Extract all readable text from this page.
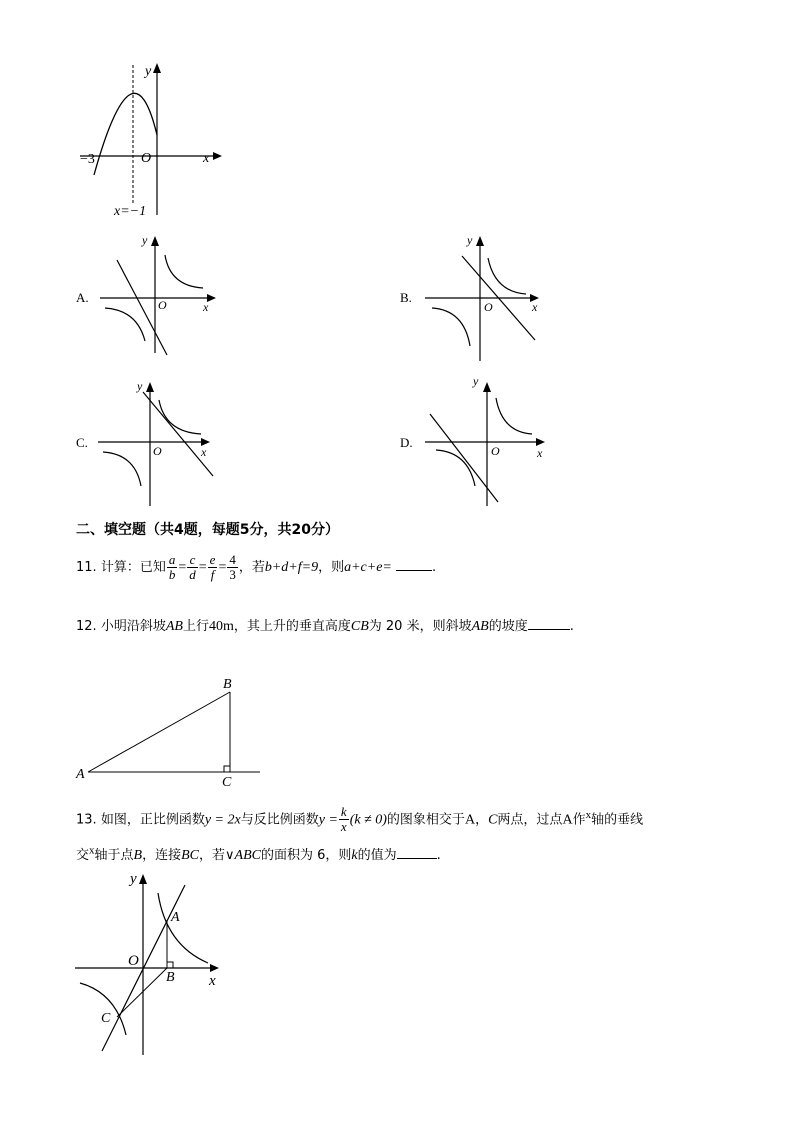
y
x
O
−3
x=−1
A.
y
x
O	B.
y
x
O
C.
y
x
O
D.
y
x
O
二、填空题（共4题，每题5分，共20分）
11. 计算：已知 $\frac{a}{b} = \frac{c}{d} = \frac{e}{f} = \frac{4}{3}$ ，若b+d+f=9，则a+c+e=	.
12. 小明沿斜坡AB上行40m，其上升的垂直高度CB为 20 米，则斜坡AB的坡度	.
A
B
C
13. 如图，正比例函数y = 2x与反比例函数$y = \frac{k}{x} (k \ne 0)$的图象相交于A，C两点，过点A作$^x$轴的垂线
交$^x$轴于点B，连接BC，若∨ABC的面积为 6，则k的值为	.
y
x
O
A
B
C
